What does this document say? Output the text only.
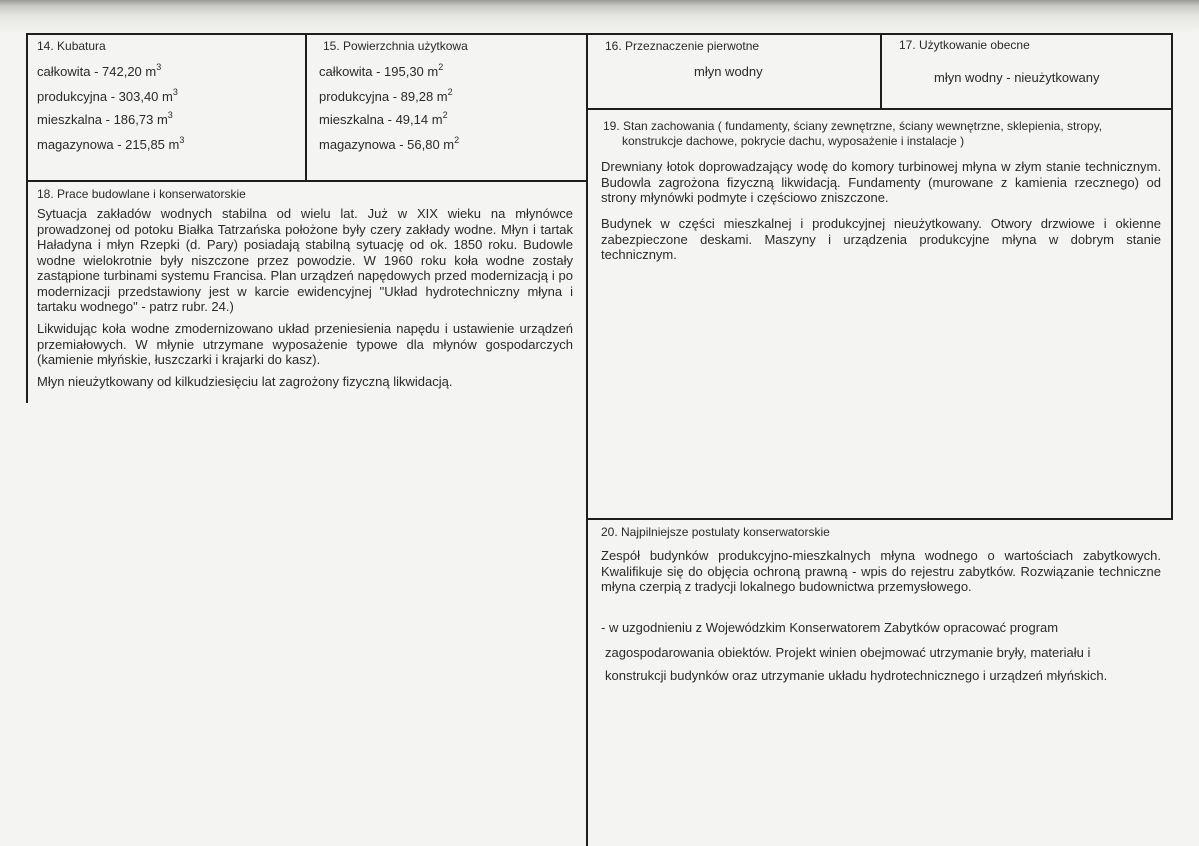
14. Kubatura
całkowita - 742,20 $m^3$
produkcyjna - 303,40 $m^3$
mieszkalna - 186,73 $m^3$
magazynowa - 215,85 $m^3$
15. Powierzchnia użytkowa
całkowita - 195,30 $m^2$
produkcyjna - 89,28 $m^2$
mieszkalna - 49,14 $m^2$
magazynowa - 56,80 $m^2$
16. Przeznaczenie pierwotne
młyn wodny
17. Użytkowanie obecne
młyn wodny - nieużytkowany
18. Prace budowlane i konserwatorskie

Sytuacja zakładów wodnych stabilna od wielu lat. Już w XIX wieku na młynówce prowadzonej od potoku Białka Tatrzańska położone były czery zakłady wodne. Młyn i tartak Haładyna i młyn Rzepki (d. Pary) posiadają stabilną sytuację od ok. 1850 roku. Budowle wodne wielokrotnie były niszczone przez powodzie. W 1960 roku koła wodne zostały zastąpione turbinami systemu Francisa. Plan urządzeń napędowych przed modernizacją i po modernizacji przedstawiony jest w karcie ewidencyjnej "Układ hydrotechniczny młyna i tartaku wodnego" - patrz rubr. 24.)

Likwidując koła wodne zmodernizowano układ przeniesienia napędu i ustawienie urządzeń przemiałowych. W młynie utrzymane wyposażenie typowe dla młynów gospodarczych (kamienie młyńskie, łuszczarki i krajarki do kasz).

Młyn nieużytkowany od kilkudziesięciu lat zagrożony fizyczną likwidacją.

19. Stan zachowania ( fundamenty, ściany zewnętrzne, ściany wewnętrzne, sklepienia, stropy,
konstrukcje dachowe, pokrycie dachu, wyposażenie i instalacje )

Drewniany łotok doprowadzający wodę do komory turbinowej młyna w złym stanie technicznym. Budowla zagrożona fizyczną likwidacją. Fundamenty (murowane z kamienia rzecznego) od strony młynówki podmyte i częściowo zniszczone.

Budynek w części mieszkalnej i produkcyjnej nieużytkowany. Otwory drzwiowe i okienne zabezpieczone deskami. Maszyny i urządzenia produkcyjne młyna w dobrym stanie technicznym.

20. Najpilniejsze postulaty konserwatorskie

Zespół budynków produkcyjno-mieszkalnych młyna wodnego o wartościach zabytkowych. Kwalifikuje się do objęcia ochroną prawną - wpis do rejestru zabytków. Rozwiązanie techniczne młyna czerpią z tradycji lokalnego budownictwa przemysłowego.

- w uzgodnieniu z Wojewódzkim Konserwatorem Zabytków opracować program
zagospodarowania obiektów. Projekt winien obejmować utrzymanie bryły, materiału i
konstrukcji budynków oraz utrzymanie układu hydrotechnicznego i urządzeń młyńskich.
